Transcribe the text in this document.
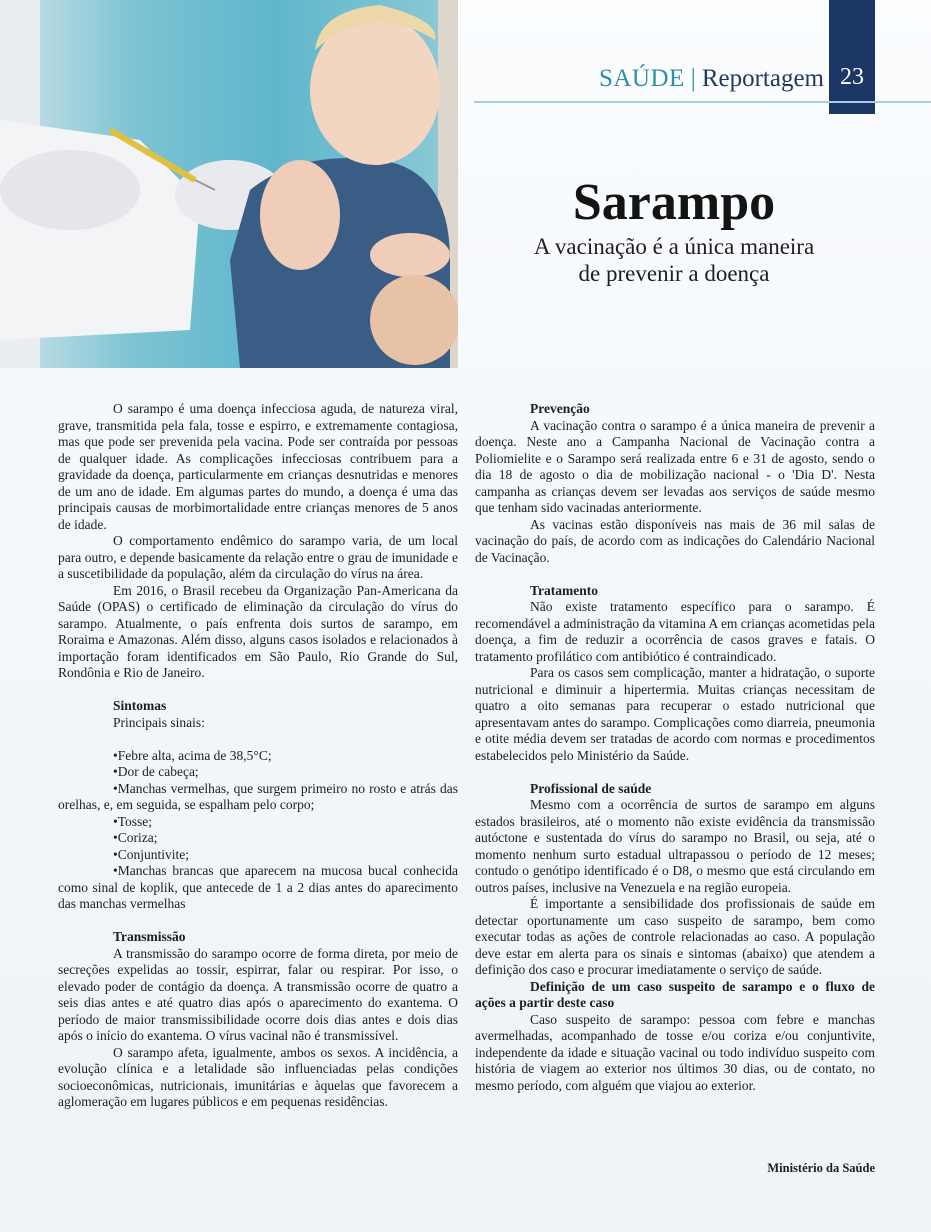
23
SAÚDE | Reportagem
Sarampo
A vacinação é a única maneira
de prevenir a doença

O sarampo é uma doença infecciosa aguda, de natureza viral, grave, transmitida pela fala, tosse e espirro, e extremamente contagiosa, mas que pode ser prevenida pela vacina. Pode ser contraída por pessoas de qualquer idade. As complicações infecciosas contribuem para a gravidade da doença, particularmente em crianças desnutridas e menores de um ano de idade. Em algumas partes do mundo, a doença é uma das principais causas de morbimortalidade entre crianças menores de 5 anos de idade.

O comportamento endêmico do sarampo varia, de um local para outro, e depende basicamente da relação entre o grau de imunidade e a suscetibilidade da população, além da circulação do vírus na área.

Em 2016, o Brasil recebeu da Organização Pan-Americana da Saúde (OPAS) o certificado de eliminação da circulação do vírus do sarampo. Atualmente, o país enfrenta dois surtos de sarampo, em Roraima e Amazonas. Além disso, alguns casos isolados e relacionados à importação foram identificados em São Paulo, Rio Grande do Sul, Rondônia e Rio de Janeiro.

Sintomas

Principais sinais:

• Febre alta, acima de 38,5°C;
• Dor de cabeça;
• Manchas vermelhas, que surgem primeiro no rosto e atrás das orelhas, e, em seguida, se espalham pelo corpo;
• Tosse;
• Coriza;
• Conjuntivite;
• Manchas brancas que aparecem na mucosa bucal conhecida como sinal de koplik, que antecede de 1 a 2 dias antes do aparecimento das manchas vermelhas
Transmissão

A transmissão do sarampo ocorre de forma direta, por meio de secreções expelidas ao tossir, espirrar, falar ou respirar. Por isso, o elevado poder de contágio da doença. A transmissão ocorre de quatro a seis dias antes e até quatro dias após o aparecimento do exantema. O período de maior transmissibilidade ocorre dois dias antes e dois dias após o início do exantema. O vírus vacinal não é transmissível.

O sarampo afeta, igualmente, ambos os sexos. A incidência, a evolução clínica e a letalidade são influenciadas pelas condições socioeconômicas, nutricionais, imunitárias e àquelas que favorecem a aglomeração em lugares públicos e em pequenas residências.

Prevenção

A vacinação contra o sarampo é a única maneira de prevenir a doença. Neste ano a Campanha Nacional de Vacinação contra a Poliomielite e o Sarampo será realizada entre 6 e 31 de agosto, sendo o dia 18 de agosto o dia de mobilização nacional - o 'Dia D'. Nesta campanha as crianças devem ser levadas aos serviços de saúde mesmo que tenham sido vacinadas anteriormente.

As vacinas estão disponíveis nas mais de 36 mil salas de vacinação do país, de acordo com as indicações do Calendário Nacional de Vacinação.

Tratamento

Não existe tratamento específico para o sarampo. É recomendável a administração da vitamina A em crianças acometidas pela doença, a fim de reduzir a ocorrência de casos graves e fatais. O tratamento profilático com antibiótico é contraindicado.

Para os casos sem complicação, manter a hidratação, o suporte nutricional e diminuir a hipertermia. Muitas crianças necessitam de quatro a oito semanas para recuperar o estado nutricional que apresentavam antes do sarampo. Complicações como diarreia, pneumonia e otite média devem ser tratadas de acordo com normas e procedimentos estabelecidos pelo Ministério da Saúde.

Profissional de saúde

Mesmo com a ocorrência de surtos de sarampo em alguns estados brasileiros, até o momento não existe evidência da transmissão autóctone e sustentada do vírus do sarampo no Brasil, ou seja, até o momento nenhum surto estadual ultrapassou o período de 12 meses; contudo o genótipo identificado é o D8, o mesmo que está circulando em outros países, inclusive na Venezuela e na região europeia.

É importante a sensibilidade dos profissionais de saúde em detectar oportunamente um caso suspeito de sarampo, bem como executar todas as ações de controle relacionadas ao caso. A população deve estar em alerta para os sinais e sintomas (abaixo) que atendem a definição dos caso e procurar imediatamente o serviço de saúde.

Definição de um caso suspeito de sarampo e o fluxo de ações a partir deste caso

Caso suspeito de sarampo: pessoa com febre e manchas avermelhadas, acompanhado de tosse e/ou coriza e/ou conjuntivite, independente da idade e situação vacinal ou todo indivíduo suspeito com história de viagem ao exterior nos últimos 30 dias, ou de contato, no mesmo período, com alguém que viajou ao exterior.

Ministério da Saúde
